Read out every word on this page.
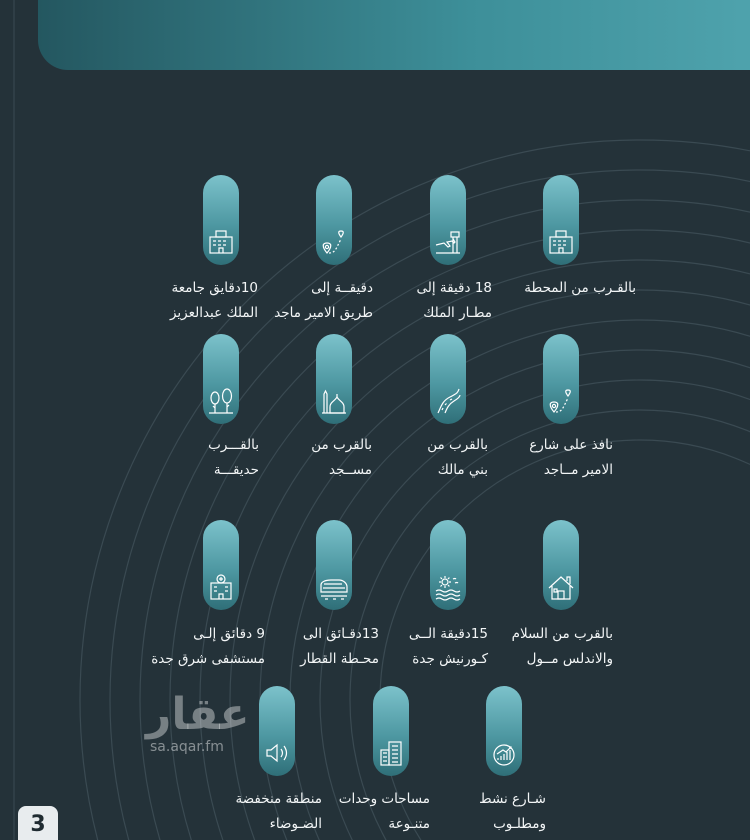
بالقـرب من المحطة
18 دقيقة إلى
مطـار الملك
دقيقــة إلى
طريق الامير ماجد
10دقايق جامعة
الملك عبدالعزيز
نافذ على شارع
الامير مــاجد
بالقرب من
بني مالك
بالقرب من
مســجد
بالقـــرب
حديقـــة
بالقرب من السلام
والاندلس مــول
15دقيقة الــى
كـورنيش جدة
13دقـائق الى
محـطة القطار
9 دقائق إلـى
مستشفى شرق جدة
شـارع نشط
ومطلـوب
مساحات وحدات
متنـوعة
منطقة منخفضة
الضـوضاء
عقار
sa.aqar.fm
3
